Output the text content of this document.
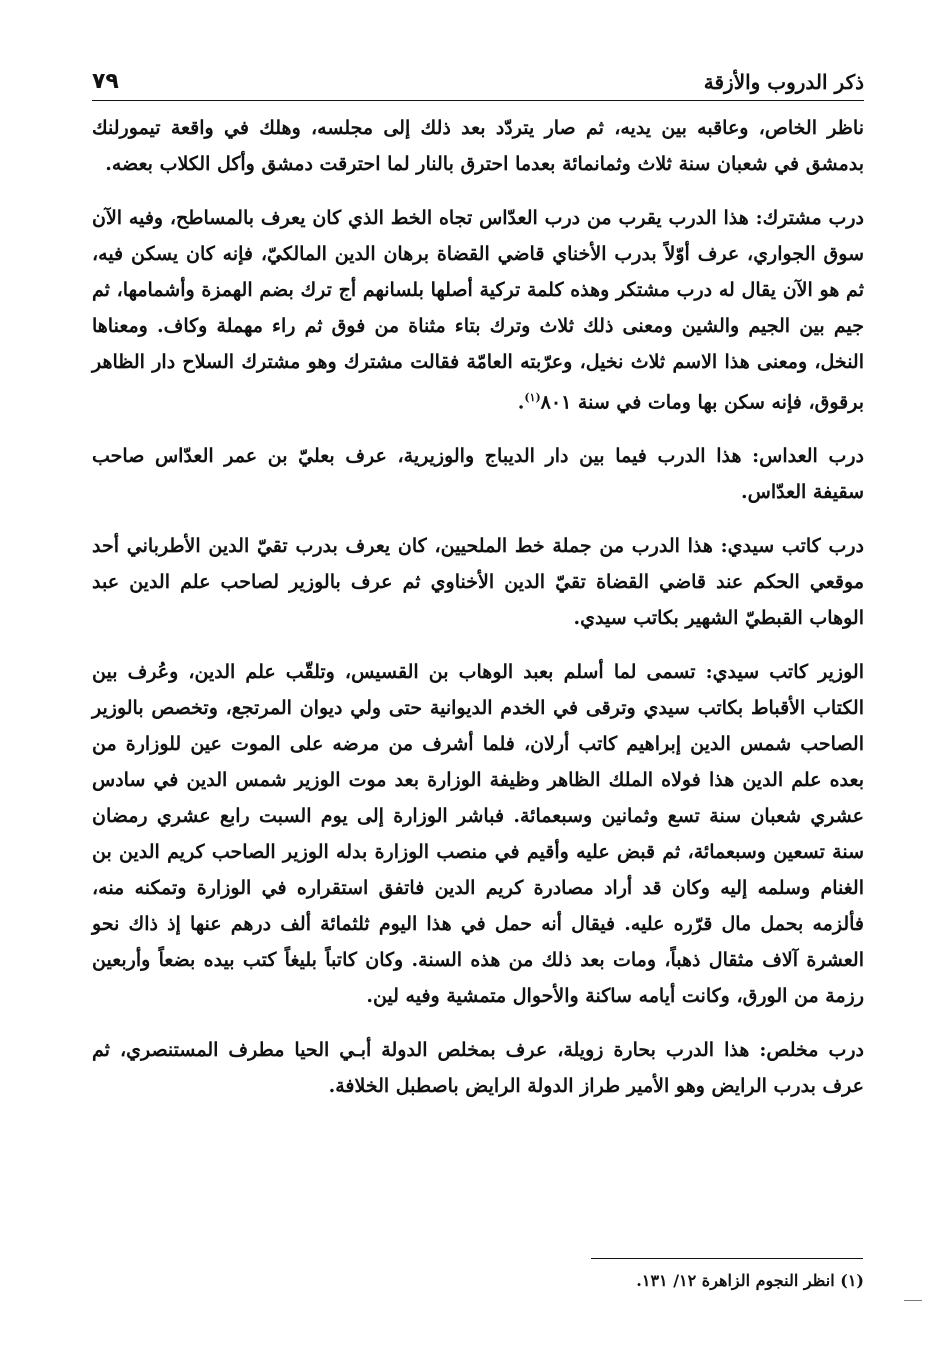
ذكر الدروب والأزقة
٧٩

ناظر الخاص، وعاقبه بين يديه، ثم صار يتردّد بعد ذلك إلى مجلسه، وهلك في واقعة تيمورلنك بدمشق في شعبان سنة ثلاث وثمانمائة بعدما احترق بالنار لما احترقت دمشق وأكل الكلاب بعضه.

درب مشترك: هذا الدرب يقرب من درب العدّاس تجاه الخط الذي كان يعرف بالمساطح، وفيه الآن سوق الجواري، عرف أوّلاً بدرب الأخناي قاضي القضاة برهان الدين المالكيّ، فإنه كان يسكن فيه، ثم هو الآن يقال له درب مشتكر وهذه كلمة تركية أصلها بلسانهم أج ترك بضم الهمزة وأشمامها، ثم جيم بين الجيم والشين ومعنى ذلك ثلاث وترك بتاء مثناة من فوق ثم راء مهملة وكاف. ومعناها النخل، ومعنى هذا الاسم ثلاث نخيل، وعرّبته العامّة فقالت مشترك وهو مشترك السلاح دار الظاهر برقوق، فإنه سكن بها ومات في سنة ٨٠١$^{(١)}$.

درب العداس: هذا الدرب فيما بين دار الديباج والوزيرية، عرف بعليّ بن عمر العدّاس صاحب سقيفة العدّاس.

درب كاتب سيدي: هذا الدرب من جملة خط الملحيين، كان يعرف بدرب تقيّ الدين الأطرباني أحد موقعي الحكم عند قاضي القضاة تقيّ الدين الأخناوي ثم عرف بالوزير لصاحب علم الدين عبد الوهاب القبطيّ الشهير بكاتب سيدي.

الوزير كاتب سيدي: تسمى لما أسلم بعبد الوهاب بن القسيس، وتلقّب علم الدين، وعُرف بين الكتاب الأقباط بكاتب سيدي وترقى في الخدم الديوانية حتى ولي ديوان المرتجع، وتخصص بالوزير الصاحب شمس الدين إبراهيم كاتب أرلان، فلما أشرف من مرضه على الموت عين للوزارة من بعده علم الدين هذا فولاه الملك الظاهر وظيفة الوزارة بعد موت الوزير شمس الدين في سادس عشري شعبان سنة تسع وثمانين وسبعمائة. فباشر الوزارة إلى يوم السبت رابع عشري رمضان سنة تسعين وسبعمائة، ثم قبض عليه وأقيم في منصب الوزارة بدله الوزير الصاحب كريم الدين بن الغنام وسلمه إليه وكان قد أراد مصادرة كريم الدين فاتفق استقراره في الوزارة وتمكنه منه، فألزمه بحمل مال قرّره عليه. فيقال أنه حمل في هذا اليوم ثلثمائة ألف درهم عنها إذ ذاك نحو العشرة آلاف مثقال ذهباً، ومات بعد ذلك من هذه السنة. وكان كاتباً بليغاً كتب بيده بضعاً وأربعين رزمة من الورق، وكانت أيامه ساكنة والأحوال متمشية وفيه لين.

درب مخلص: هذا الدرب بحارة زويلة، عرف بمخلص الدولة أبـي الحيا مطرف المستنصري، ثم عرف بدرب الرايض وهو الأمير طراز الدولة الرايض باصطبل الخلافة.

(١) انظر النجوم الزاهرة ١٢/ ١٣١.
